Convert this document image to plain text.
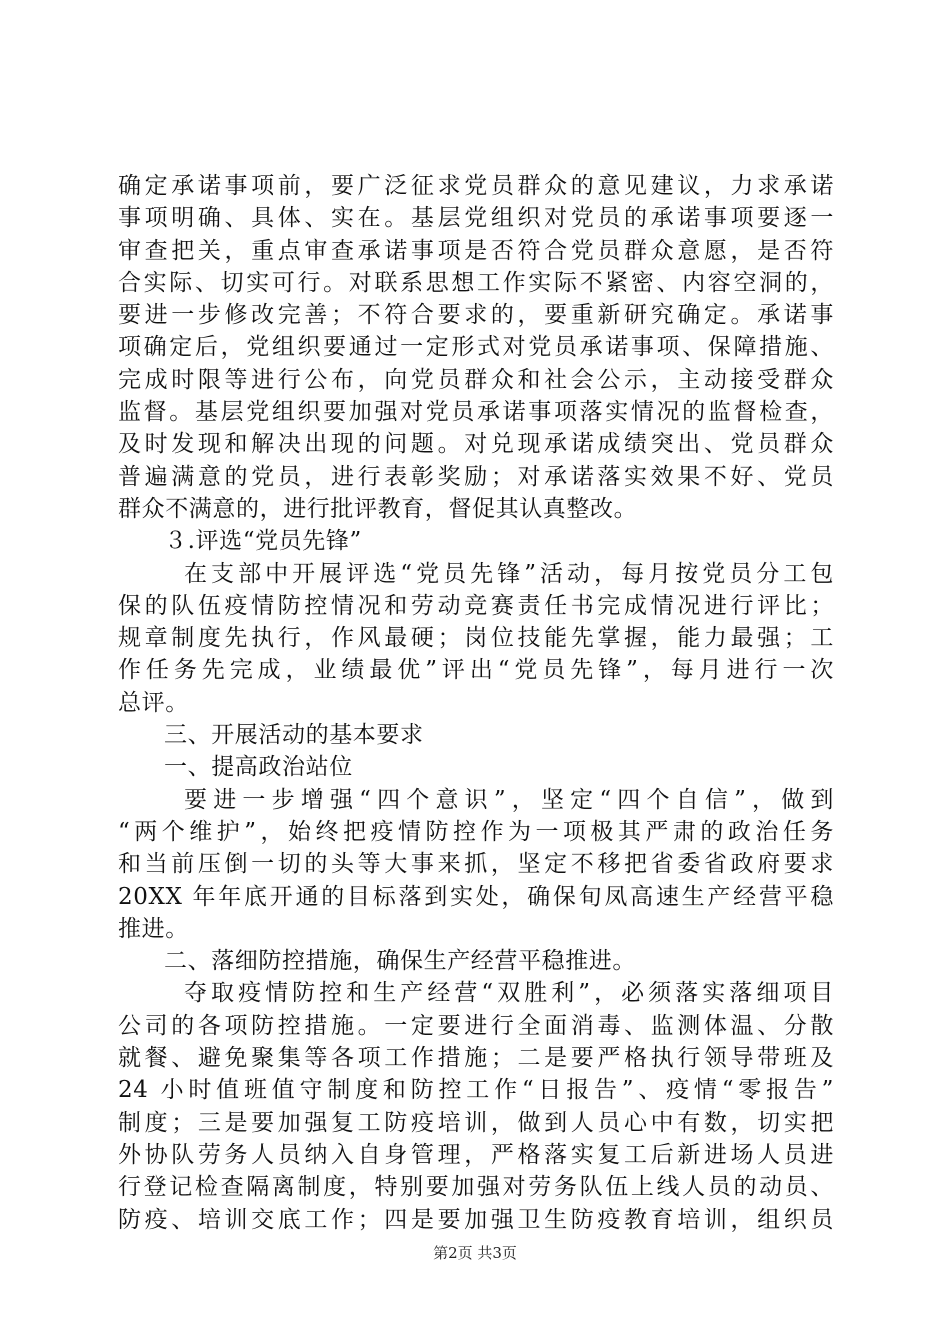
确定承诺事项前，要广泛征求党员群众的意见建议，力求承诺
事项明确、具体、实在。基层党组织对党员的承诺事项要逐一
审查把关，重点审查承诺事项是否符合党员群众意愿，是否符
合实际、切实可行。对联系思想工作实际不紧密、内容空洞的，
要进一步修改完善；不符合要求的，要重新研究确定。承诺事
项确定后，党组织要通过一定形式对党员承诺事项、保障措施、
完成时限等进行公布，向党员群众和社会公示，主动接受群众
监督。基层党组织要加强对党员承诺事项落实情况的监督检查，
及时发现和解决出现的问题。对兑现承诺成绩突出、党员群众
普遍满意的党员，进行表彰奖励；对承诺落实效果不好、党员
群众不满意的，进行批评教育，督促其认真整改。
３.评选“党员先锋”
在支部中开展评选“党员先锋”活动，每月按党员分工包
保的队伍疫情防控情况和劳动竞赛责任书完成情况进行评比；
规章制度先执行，作风最硬；岗位技能先掌握，能力最强；工
作任务先完成，业绩最优”评出“党员先锋”，每月进行一次
总评。
三、开展活动的基本要求
一、提高政治站位
要进一步增强“四个意识”，坚定“四个自信”，做到
“两个维护”，始终把疫情防控作为一项极其严肃的政治任务
和当前压倒一切的头等大事来抓，坚定不移把省委省政府要求
20XX 年年底开通的目标落到实处，确保旬凤高速生产经营平稳
推进。
二、落细防控措施，确保生产经营平稳推进。
夺取疫情防控和生产经营“双胜利”，必须落实落细项目
公司的各项防控措施。一定要进行全面消毒、监测体温、分散
就餐、避免聚集等各项工作措施；二是要严格执行领导带班及
24 小时值班值守制度和防控工作“日报告”、疫情“零报告”
制度；三是要加强复工防疫培训，做到人员心中有数，切实把
外协队劳务人员纳入自身管理，严格落实复工后新进场人员进
行登记检查隔离制度，特别要加强对劳务队伍上线人员的动员、
防疫、培训交底工作；四是要加强卫生防疫教育培训，组织员
第2页 共3页
